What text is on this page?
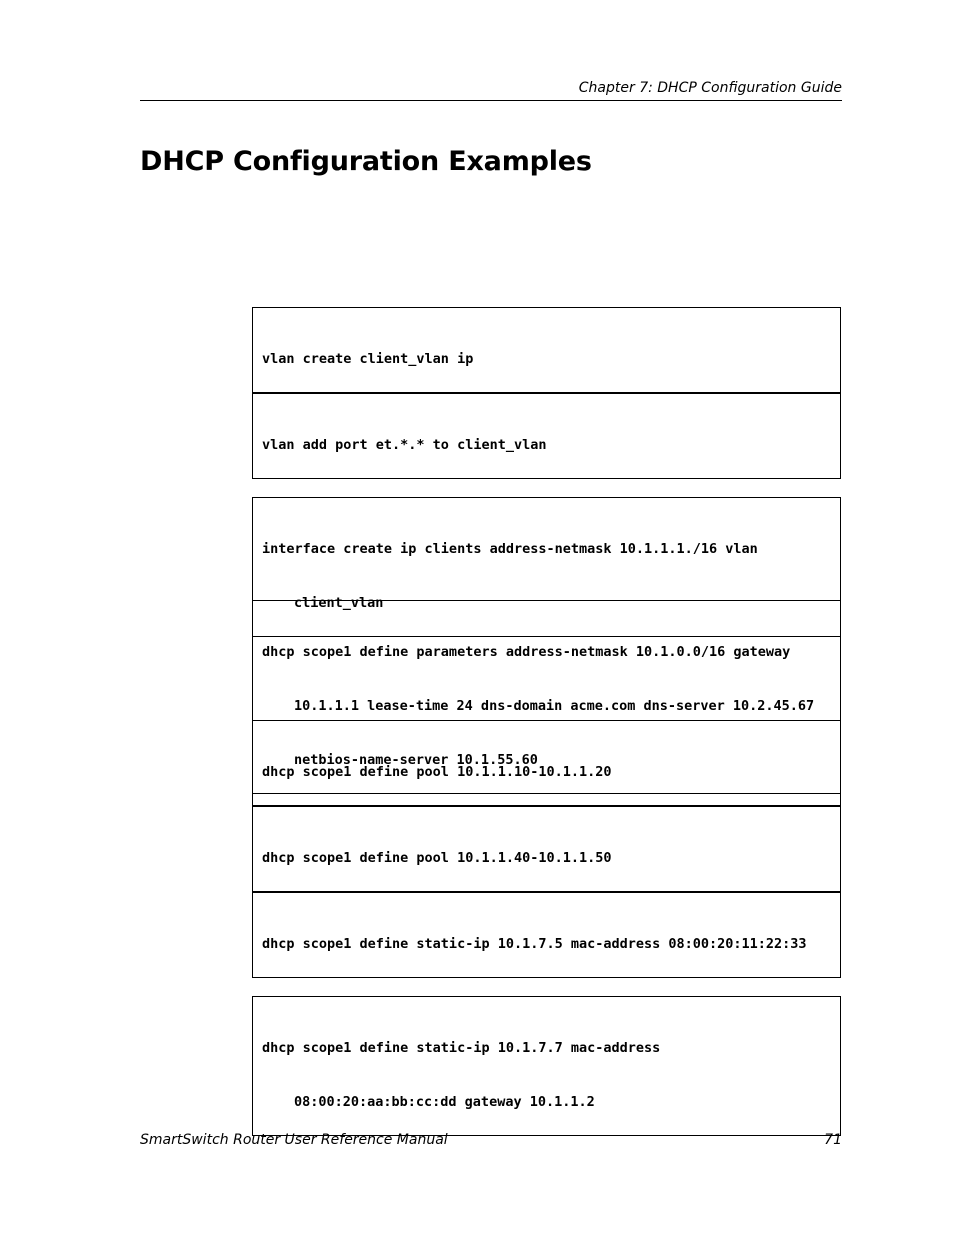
Chapter 7: DHCP Configuration Guide
DHCP Configuration Examples

vlan create client_vlan ip

vlan add port et.*.* to client_vlan

interface create ip clients address-netmask 10.1.1.1./16 vlan

client_vlan

dhcp scope1 define parameters address-netmask 10.1.0.0/16 gateway

10.1.1.1 lease-time 24 dns-domain acme.com dns-server 10.2.45.67

netbios-name-server 10.1.55.60

dhcp scope1 define pool 10.1.1.10-10.1.1.20

dhcp scope1 define pool 10.1.1.40-10.1.1.50

dhcp scope1 define static-ip 10.1.7.5 mac-address 08:00:20:11:22:33

dhcp scope1 define static-ip 10.1.7.7 mac-address

08:00:20:aa:bb:cc:dd gateway 10.1.1.2

SmartSwitch Router User Reference Manual	71
